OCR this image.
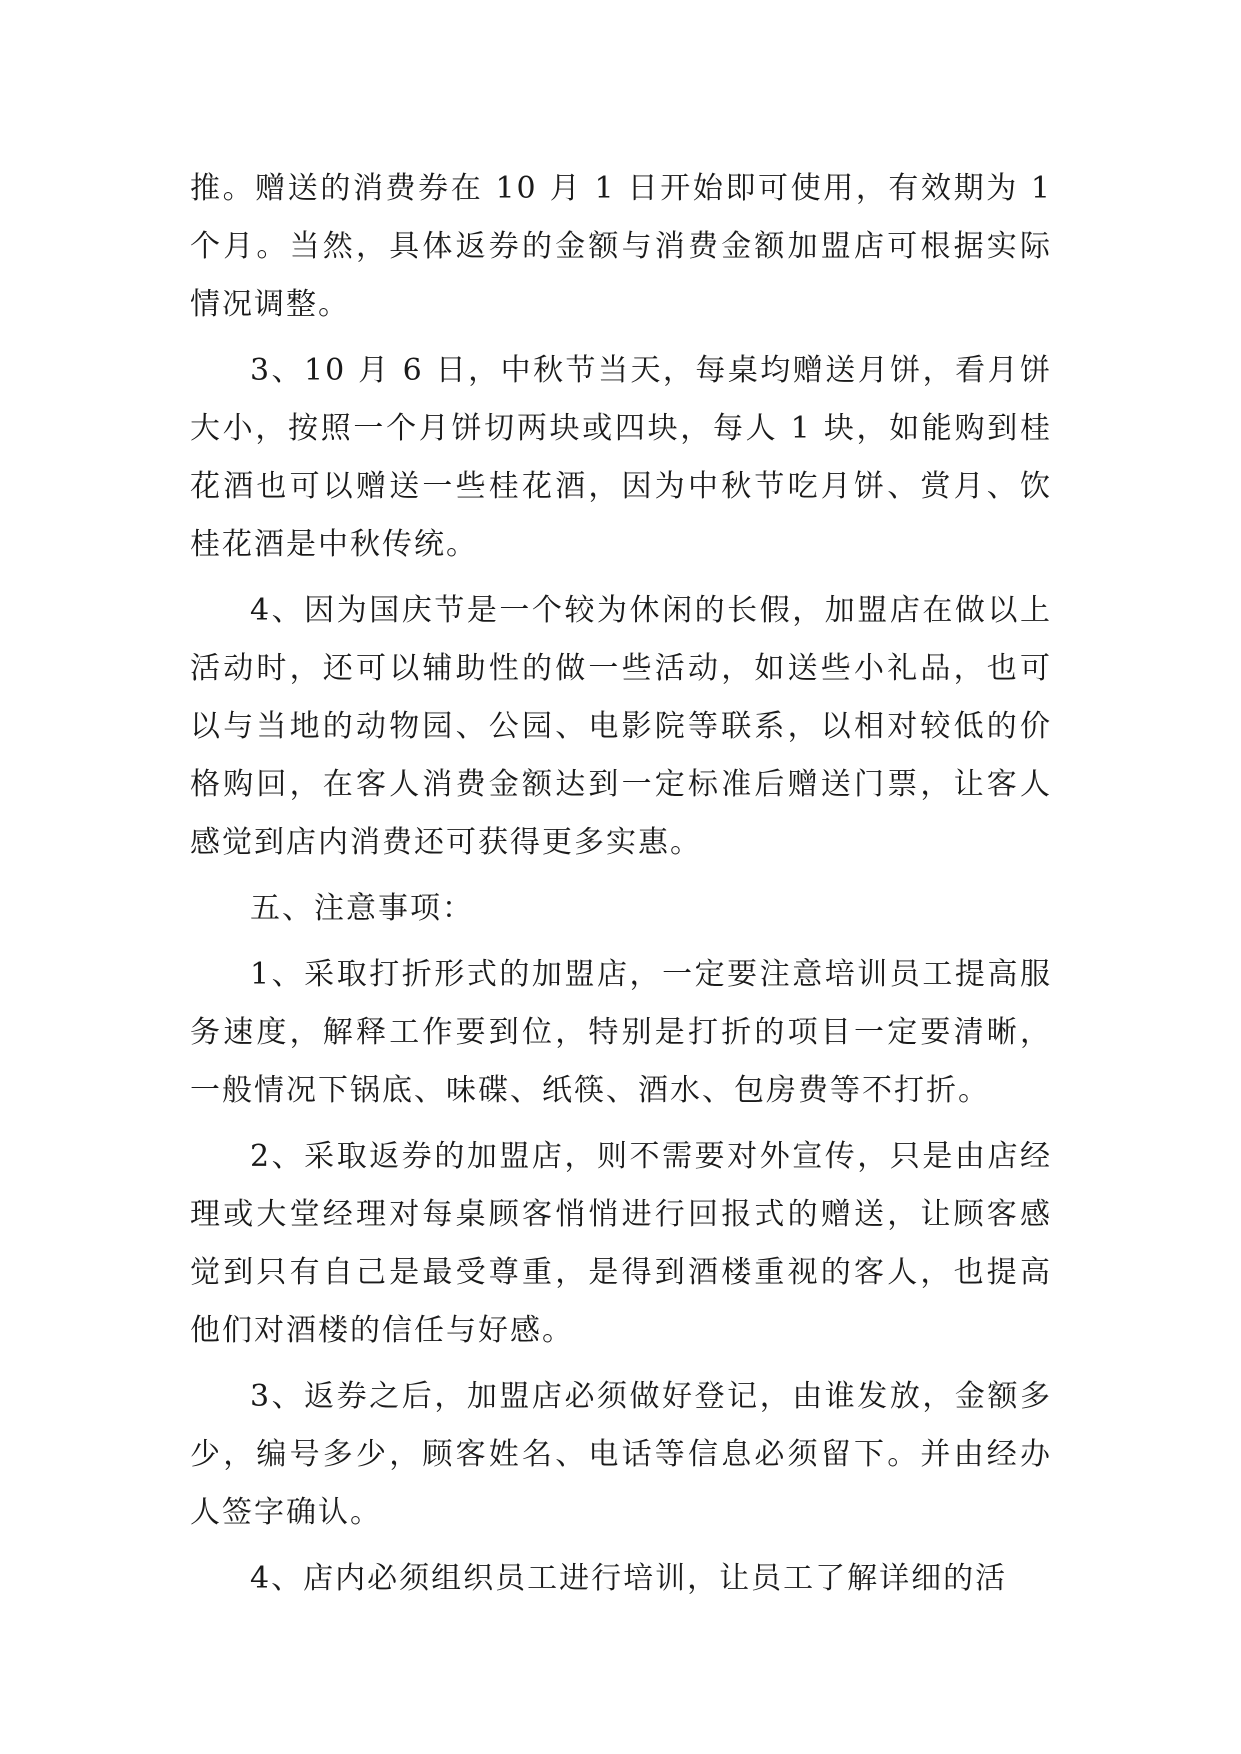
推。赠送的消费券在 10 月 1 日开始即可使用，有效期为 1 个月。当然，具体返券的金额与消费金额加盟店可根据实际情况调整。

3、10 月 6 日，中秋节当天，每桌均赠送月饼，看月饼大小，按照一个月饼切两块或四块，每人 1 块，如能购到桂花酒也可以赠送一些桂花酒，因为中秋节吃月饼、赏月、饮桂花酒是中秋传统。

4、因为国庆节是一个较为休闲的长假，加盟店在做以上活动时，还可以辅助性的做一些活动，如送些小礼品，也可以与当地的动物园、公园、电影院等联系，以相对较低的价格购回，在客人消费金额达到一定标准后赠送门票，让客人感觉到店内消费还可获得更多实惠。

五、注意事项：

1、采取打折形式的加盟店，一定要注意培训员工提高服务速度，解释工作要到位，特别是打折的项目一定要清晰，一般情况下锅底、味碟、纸筷、酒水、包房费等不打折。

2、采取返券的加盟店，则不需要对外宣传，只是由店经理或大堂经理对每桌顾客悄悄进行回报式的赠送，让顾客感觉到只有自己是最受尊重，是得到酒楼重视的客人，也提高他们对酒楼的信任与好感。

3、返券之后，加盟店必须做好登记，由谁发放，金额多少，编号多少，顾客姓名、电话等信息必须留下。并由经办人签字确认。

4、店内必须组织员工进行培训，让员工了解详细的活
